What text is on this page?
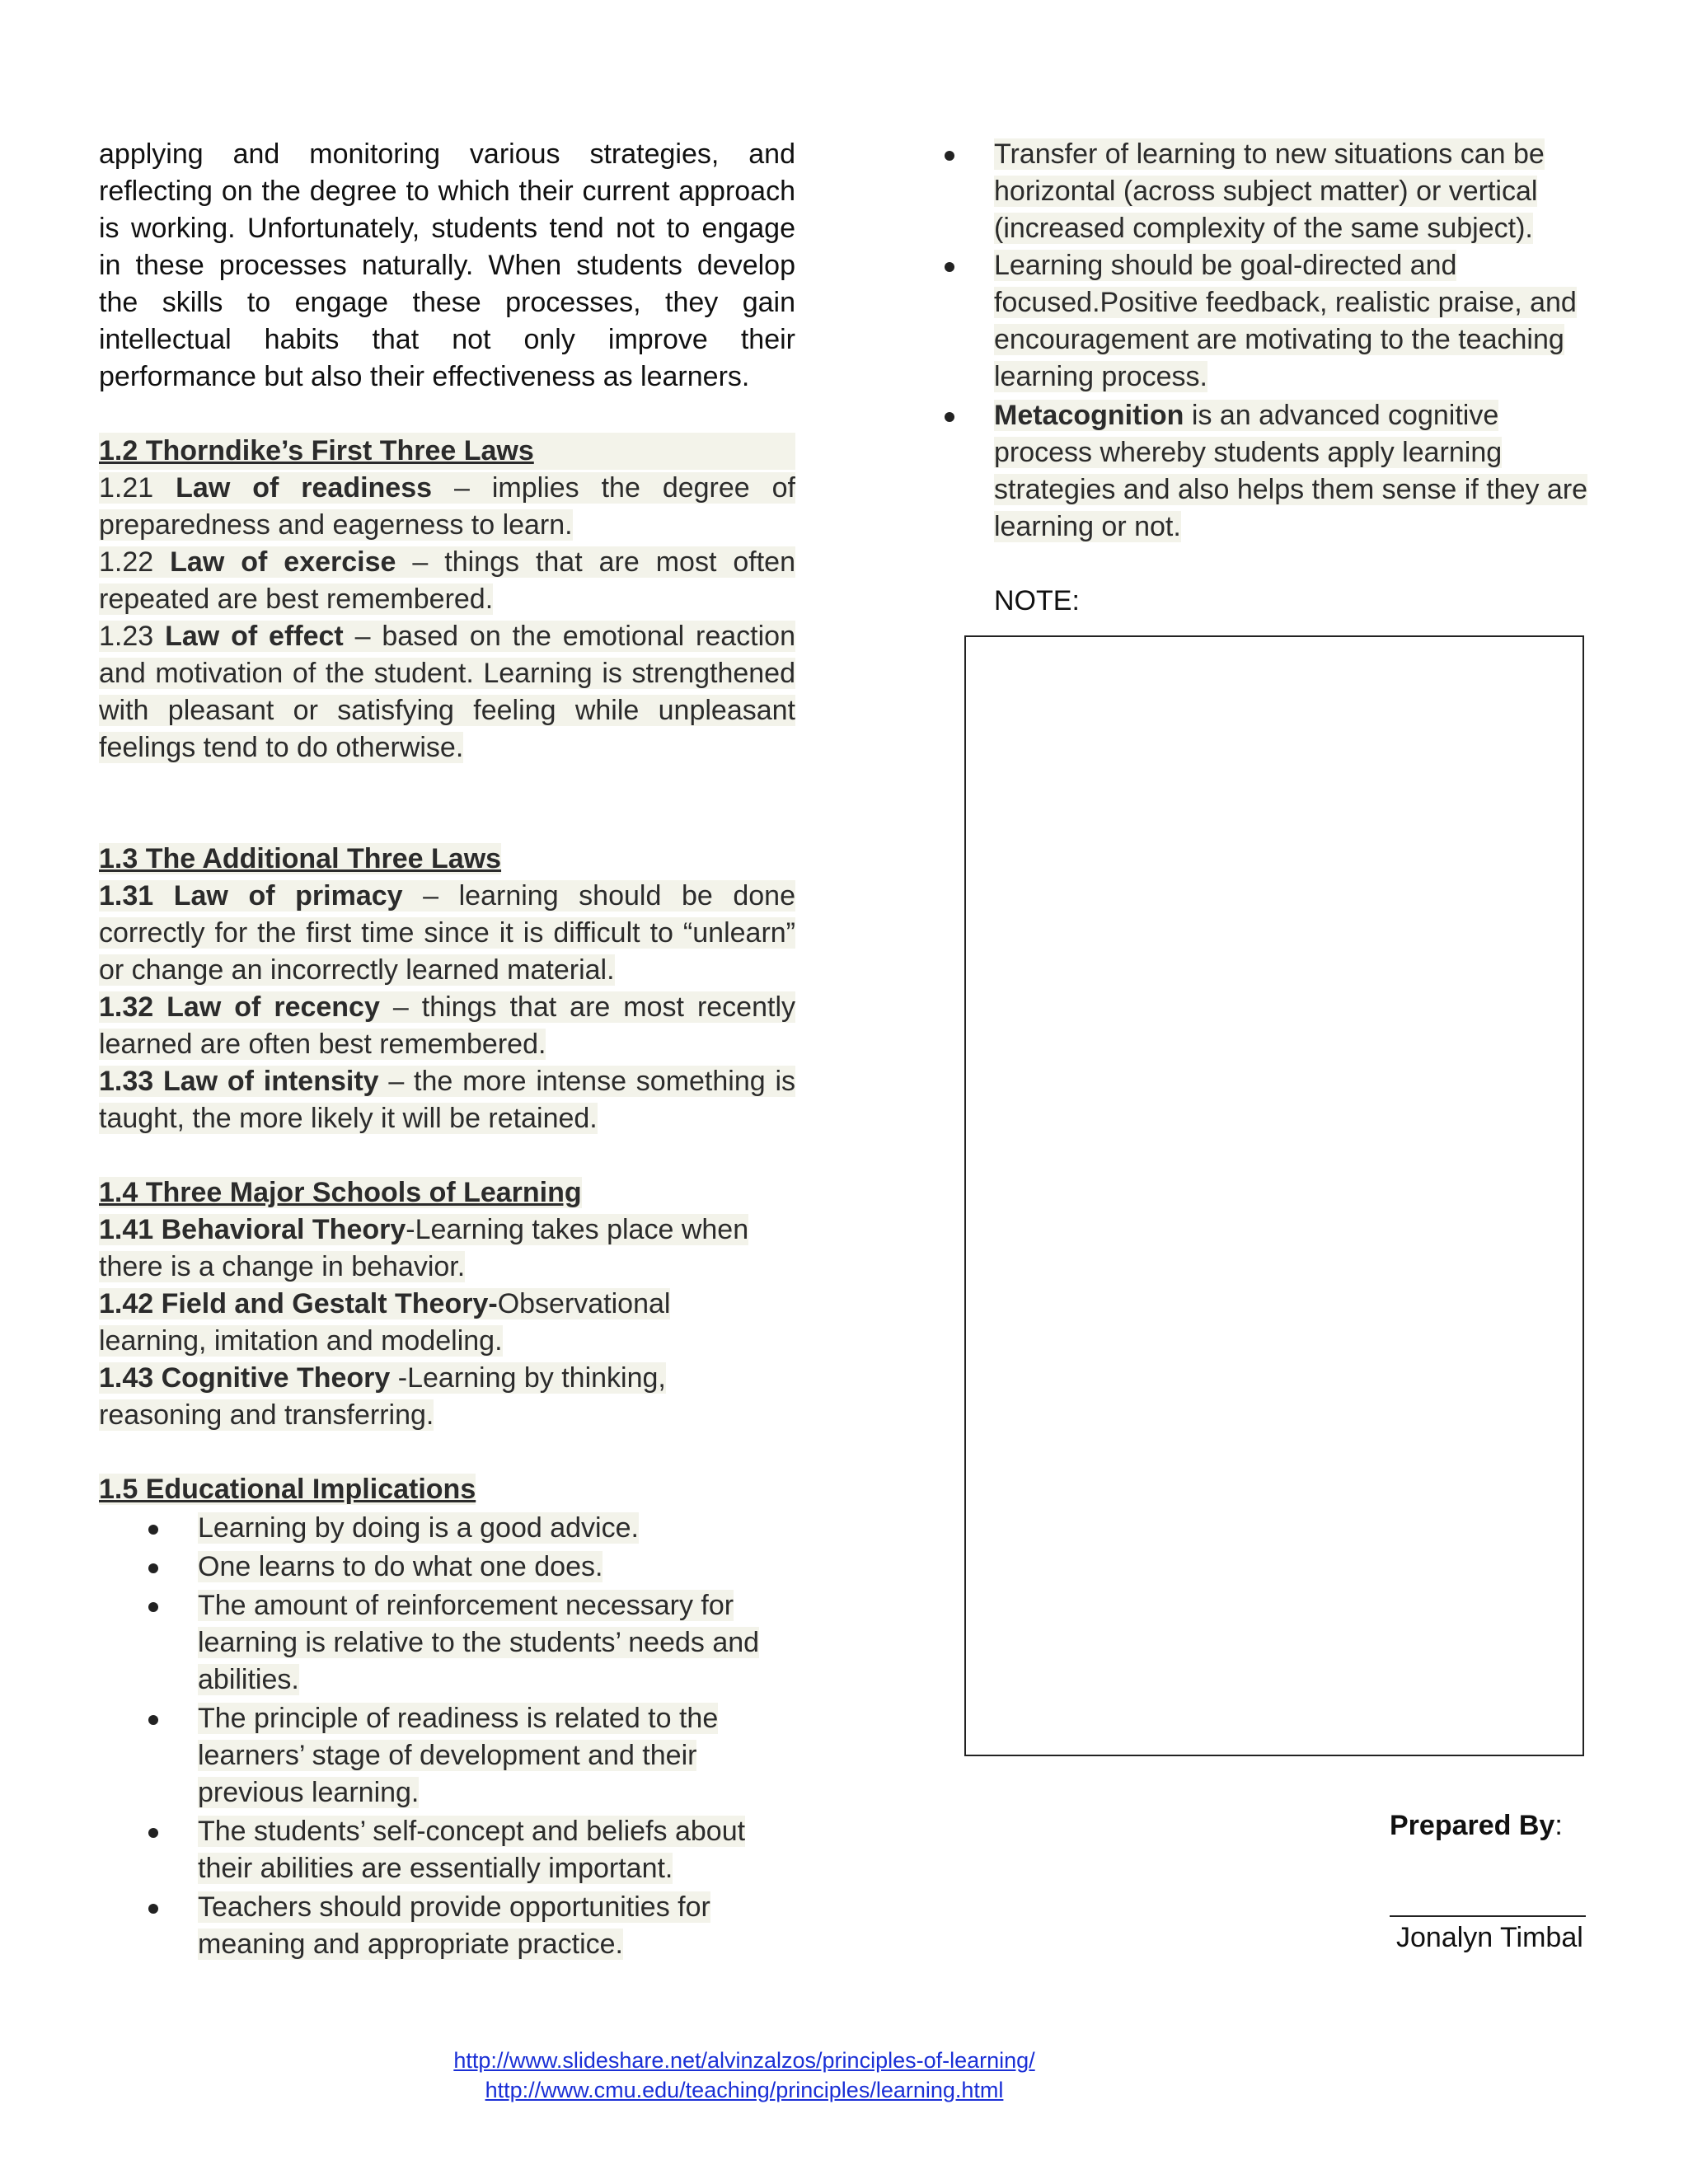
applying and monitoring various strategies, and reflecting on the degree to which their current approach is working. Unfortunately, students tend not to engage in these processes naturally. When students develop the skills to engage these processes, they gain intellectual habits that not only improve their performance but also their effectiveness as learners.

1.2 Thorndike’s First Three Laws

1.21 Law of readiness – implies the degree of preparedness and eagerness to learn.

1.22 Law of exercise – things that are most often repeated are best remembered.

1.23 Law of effect – based on the emotional reaction and motivation of the student. Learning is strengthened with pleasant or satisfying feeling while unpleasant feelings tend to do otherwise.

1.3 The Additional Three Laws

1.31 Law of primacy – learning should be done correctly for the first time since it is difficult to “unlearn” or change an incorrectly learned material.

1.32 Law of recency – things that are most recently learned are often best remembered.

1.33 Law of intensity – the more intense something is taught, the more likely it will be retained.

1.4 Three Major Schools of Learning

1.41 Behavioral Theory-Learning takes place when there is a change in behavior.

1.42 Field and Gestalt Theory-Observational learning, imitation and modeling.

1.43 Cognitive Theory -Learning by thinking, reasoning and transferring.

1.5 Educational Implications

Learning by doing is a good advice.
One learns to do what one does.
The amount of reinforcement necessary for learning is relative to the students’ needs and abilities.
The principle of readiness is related to the learners’ stage of development and their previous learning.
The students’ self-concept and beliefs about their abilities are essentially important.
Teachers should provide opportunities for meaning and appropriate practice.
Transfer of learning to new situations can be horizontal (across subject matter) or vertical (increased complexity of the same subject).
Learning should be goal-directed and focused.Positive feedback, realistic praise, and encouragement are motivating to the teaching learning process.
Metacognition is an advanced cognitive process whereby students apply learning strategies and also helps them sense if they are learning or not.

NOTE:

Prepared By:
Jonalyn Timbal
http://www.slideshare.net/alvinzalzos/principles-of-learning/
http://www.cmu.edu/teaching/principles/learning.html
